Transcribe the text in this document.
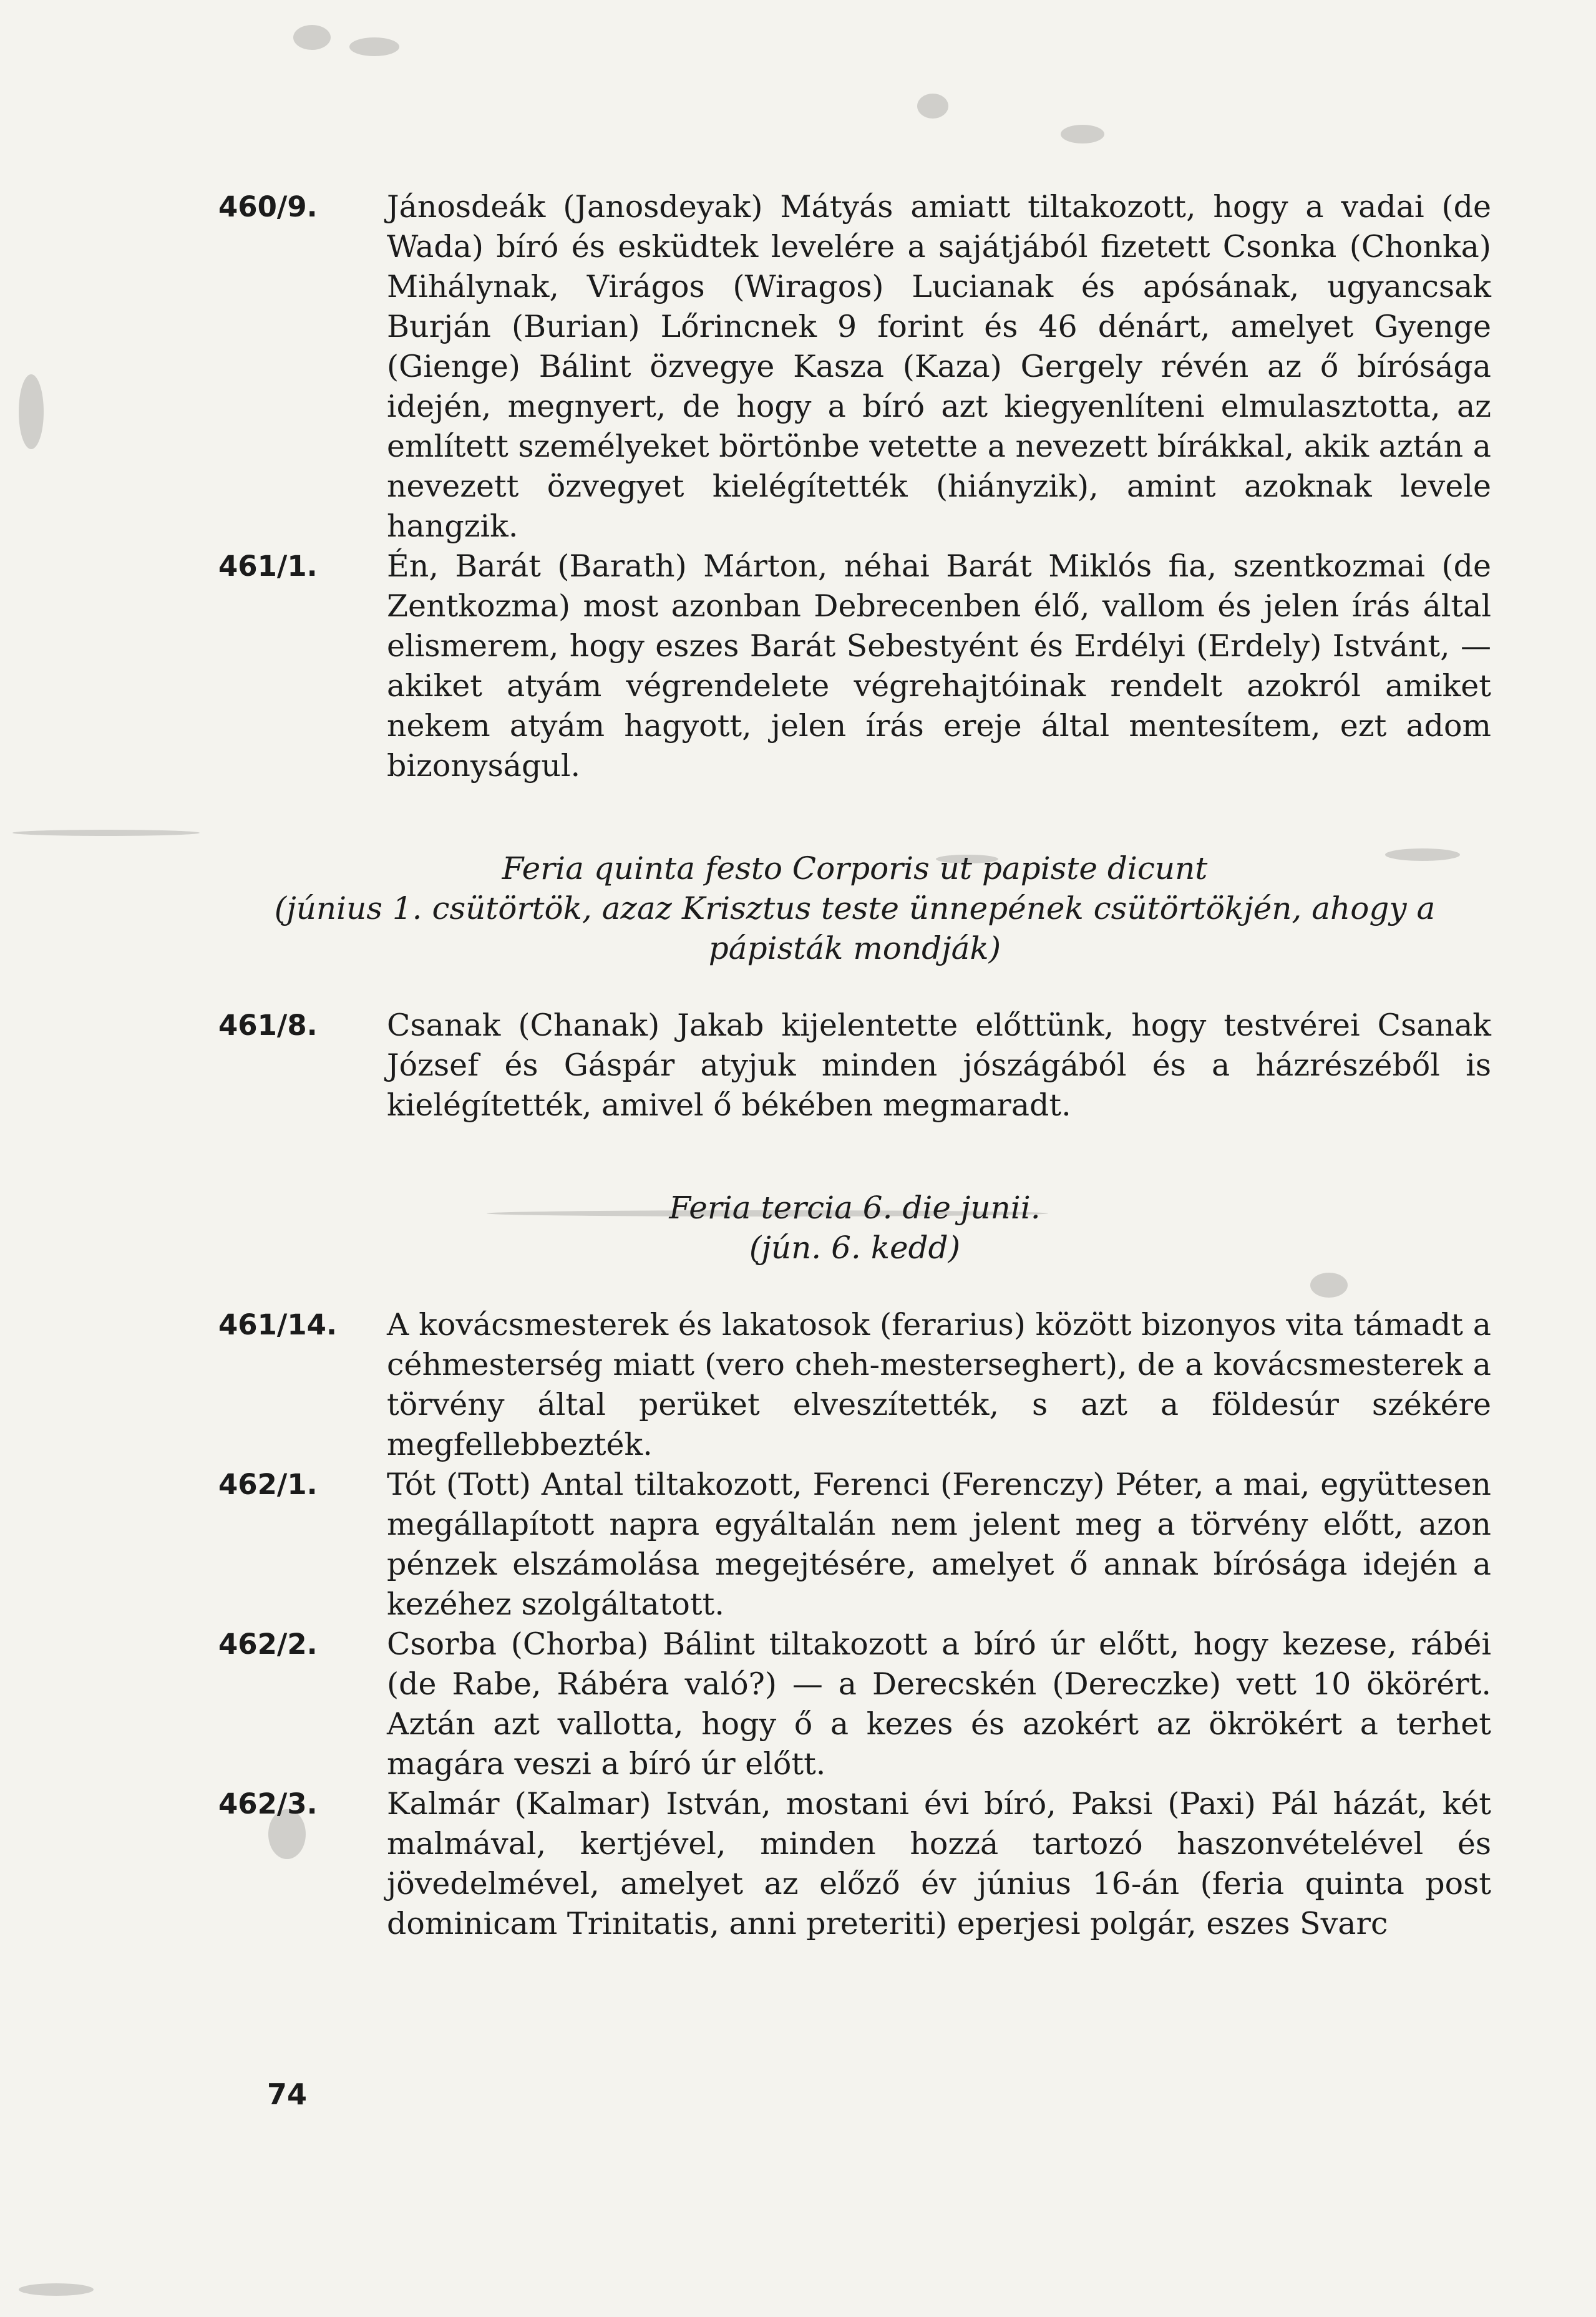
460/9.	Jánosdeák (Janosdeyak) Mátyás amiatt tiltakozott, hogy a vadai (de Wada) bíró és esküdtek levelére a sajátjából fizetett Csonka (Chonka) Mihálynak, Virágos (Wiragos) Lucianak és apósának, ugyancsak Burján (Burian) Lőrincnek 9 forint és 46 dénárt, amelyet Gyenge (Gienge) Bálint özvegye Kasza (Kaza) Gergely révén az ő bírósága idején, megnyert, de hogy a bíró azt kiegyenlíteni elmulasztotta, az említett személyeket börtönbe vetette a nevezett bírákkal, akik aztán a nevezett özvegyet kielégítették (hiányzik), amint azoknak levele hangzik.
461/1.	Én, Barát (Barath) Márton, néhai Barát Miklós fia, szentkozmai (de Zentkozma) most azonban Debrecenben élő, vallom és jelen írás által elismerem, hogy eszes Barát Sebestyént és Erdélyi (Erdely) Istvánt, — akiket atyám végrendelete végrehajtóinak rendelt azokról amiket nekem atyám hagyott, jelen írás ereje által mentesítem, ezt adom bizonyságul.
Feria quinta festo Corporis ut papiste dicunt
(június 1. csütörtök, azaz Krisztus teste ünnepének csütörtökjén, ahogy a
pápisták mondják)
461/8.	Csanak (Chanak) Jakab kijelentette előttünk, hogy testvérei Csanak József és Gáspár atyjuk minden jószágából és a házrészéből is kielégítették, amivel ő békében megmaradt.
Feria tercia 6. die junii.
(jún. 6. kedd)
461/14.	A kovácsmesterek és lakatosok (ferarius) között bizonyos vita támadt a céhmesterség miatt (vero cheh-mesterseghert), de a kovácsmesterek a törvény által perüket elveszítették, s azt a földesúr székére megfellebbezték.
462/1.	Tót (Tott) Antal tiltakozott, Ferenci (Ferenczy) Péter, a mai, együttesen megállapított napra egyáltalán nem jelent meg a törvény előtt, azon pénzek elszámolása megejtésére, amelyet ő annak bírósága idején a kezéhez szolgáltatott.
462/2.	Csorba (Chorba) Bálint tiltakozott a bíró úr előtt, hogy kezese, rábéi (de Rabe, Rábéra való?) — a Derecskén (Dereczke) vett 10 ökörért. Aztán azt vallotta, hogy ő a kezes és azokért az ökrökért a terhet magára veszi a bíró úr előtt.
462/3.	Kalmár (Kalmar) István, mostani évi bíró, Paksi (Paxi) Pál házát, két malmával, kertjével, minden hozzá tartozó haszonvételével és jövedelmével, amelyet az előző év június 16-án (feria quinta post dominicam Trinitatis, anni preteriti) eperjesi polgár, eszes Svarc
74
